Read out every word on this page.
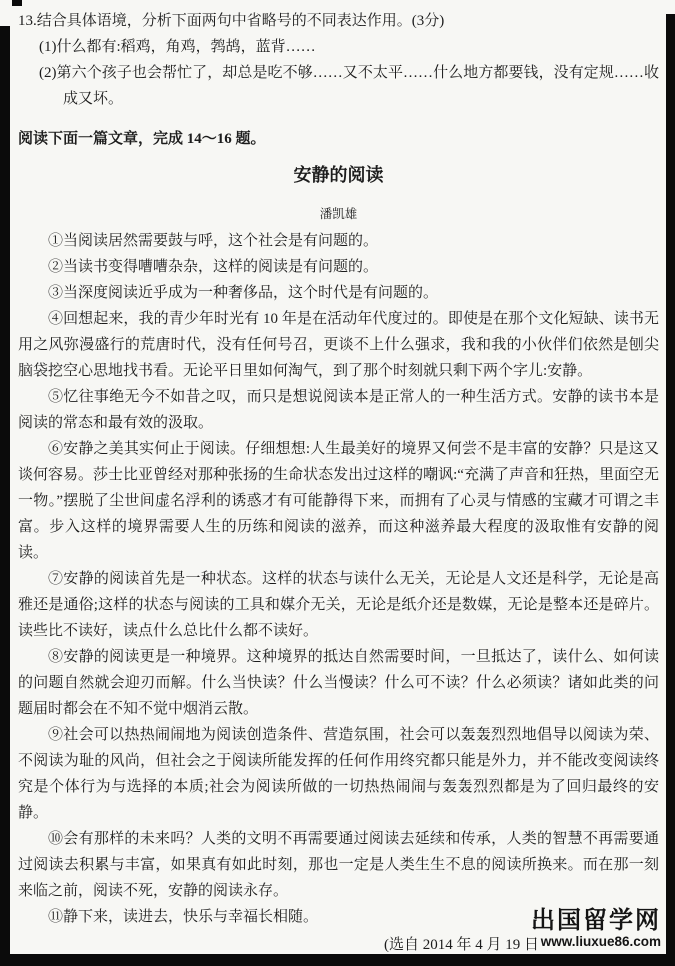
13.结合具体语境，分析下面两句中省略号的不同表达作用。(3分)

(1)什么都有:稻鸡，角鸡，鹁鸪，蓝背……

(2)第六个孩子也会帮忙了，却总是吃不够……又不太平……什么地方都要钱，没有定规……收成又坏。

阅读下面一篇文章，完成 14～16 题。

安静的阅读
潘凯雄

①当阅读居然需要鼓与呼，这个社会是有问题的。

②当读书变得嘈嘈杂杂，这样的阅读是有问题的。

③当深度阅读近乎成为一种奢侈品，这个时代是有问题的。

④回想起来，我的青少年时光有 10 年是在活动年代度过的。即使是在那个文化短缺、读书无用之风弥漫盛行的荒唐时代，没有任何号召，更谈不上什么强求，我和我的小伙伴们依然是刨尖脑袋挖空心思地找书看。无论平日里如何淘气，到了那个时刻就只剩下两个字儿:安静。

⑤忆往事绝无今不如昔之叹，而只是想说阅读本是正常人的一种生活方式。安静的读书本是阅读的常态和最有效的汲取。

⑥安静之美其实何止于阅读。仔细想想:人生最美好的境界又何尝不是丰富的安静？只是这又谈何容易。莎士比亚曾经对那种张扬的生命状态发出过这样的嘲讽:“充满了声音和狂热，里面空无一物。”摆脱了尘世间虚名浮利的诱惑才有可能静得下来，而拥有了心灵与情感的宝藏才可谓之丰富。步入这样的境界需要人生的历练和阅读的滋养，而这种滋养最大程度的汲取惟有安静的阅读。

⑦安静的阅读首先是一种状态。这样的状态与读什么无关，无论是人文还是科学，无论是高雅还是通俗;这样的状态与阅读的工具和媒介无关，无论是纸介还是数媒，无论是整本还是碎片。读些比不读好，读点什么总比什么都不读好。

⑧安静的阅读更是一种境界。这种境界的抵达自然需要时间，一旦抵达了，读什么、如何读的问题自然就会迎刃而解。什么当快读？什么当慢读？什么可不读？什么必须读？诸如此类的问题届时都会在不知不觉中烟消云散。

⑨社会可以热热闹闹地为阅读创造条件、营造氛围，社会可以轰轰烈烈地倡导以阅读为荣、不阅读为耻的风尚，但社会之于阅读所能发挥的任何作用终究都只能是外力，并不能改变阅读终究是个体行为与选择的本质;社会为阅读所做的一切热热闹闹与轰轰烈烈都是为了回归最终的安静。

⑩会有那样的未来吗？人类的文明不再需要通过阅读去延续和传承，人类的智慧不再需要通过阅读去积累与丰富，如果真有如此时刻，那也一定是人类生生不息的阅读所换来。而在那一刻来临之前，阅读不死，安静的阅读永存。

⑪静下来，读进去，快乐与幸福长相随。

(选自 2014 年 4 月 19 日

出国留学网
www.liuxue86.com
